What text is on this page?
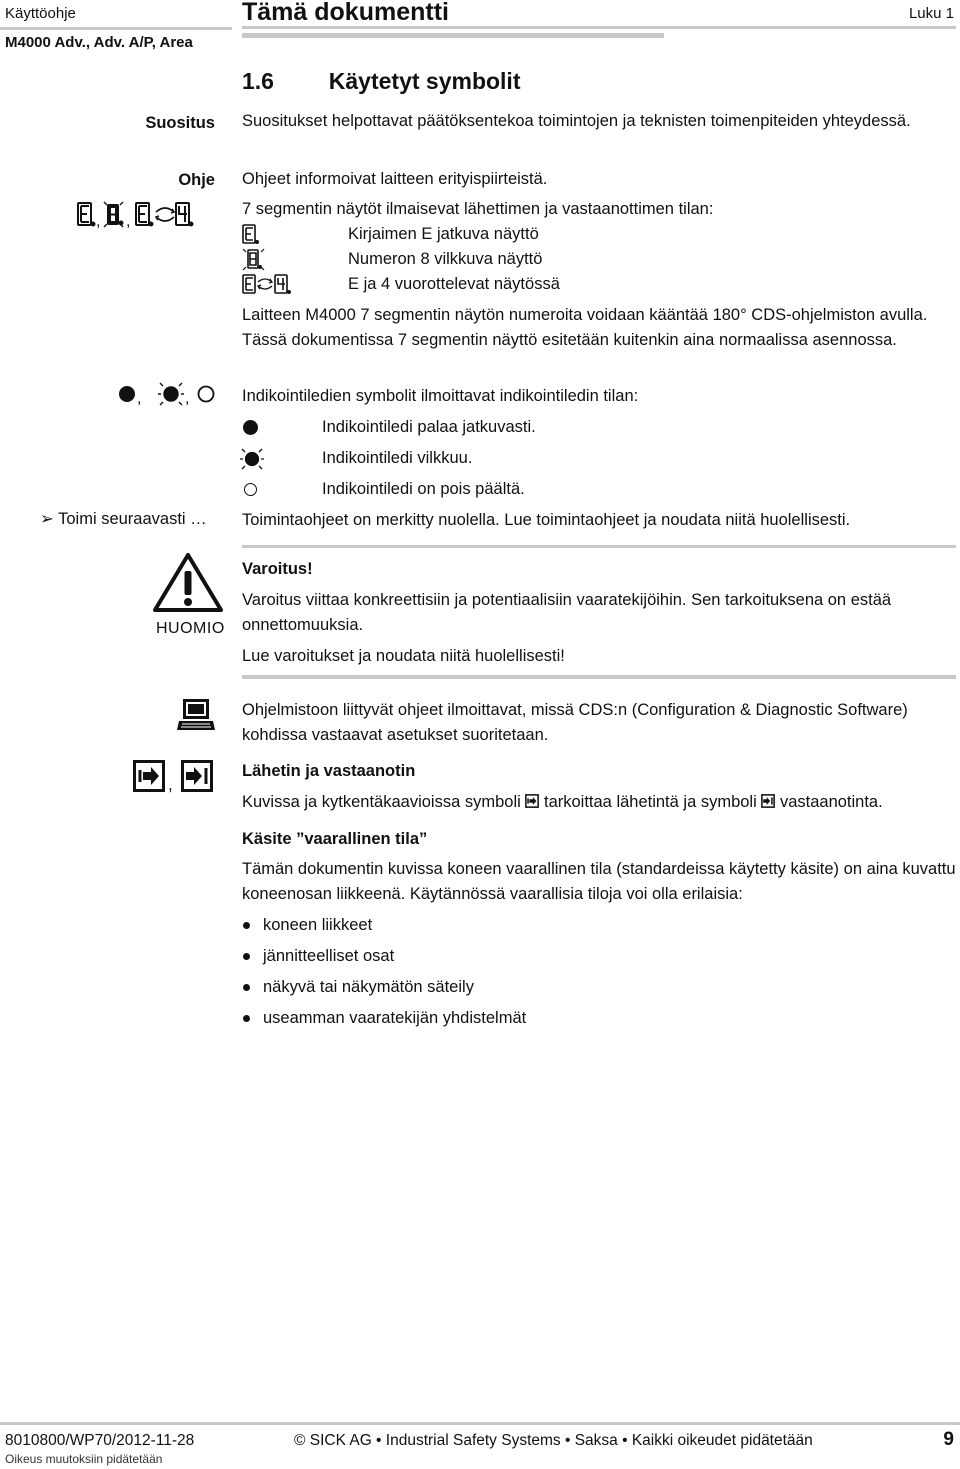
Käyttöohje
M4000 Adv., Adv. A/P, Area
Tämä dokumentti	Luku 1
1.6 Käytetyt symbolit
Suositus Suositukset helpottavat päätöksentekoa toimintojen ja teknisten toimenpiteiden yhteydessä.
Ohje Ohjeet informoivat laitteen erityispiirteistä.
, ,
7 segmentin näytöt ilmaisevat lähettimen ja vastaanottimen tilan:
Kirjaimen E jatkuva näyttö
Numeron 8 vilkkuva näyttö
E ja 4 vuorottelevat näytössä
Laitteen M4000 7 segmentin näytön numeroita voidaan kääntää 180° CDS-ohjelmiston avulla. Tässä dokumentissa 7 segmentin näyttö esitetään kuitenkin aina normaalissa asennossa.
,	,	Indikointiledien symbolit ilmoittavat indikointiledin tilan:
Indikointiledi palaa jatkuvasti.
Indikointiledi vilkkuu.
Indikointiledi on pois päältä.
➢ Toimi seuraavasti … Toimintaohjeet on merkitty nuolella. Lue toimintaohjeet ja noudata niitä huolellisesti.
HUOMIO
Varoitus!
Varoitus viittaa konkreettisiin ja potentiaalisiin vaaratekijöihin. Sen tarkoituksena on estää onnettomuuksia.
Lue varoitukset ja noudata niitä huolellisesti!
Ohjelmistoon liittyvät ohjeet ilmoittavat, missä CDS:n (Configuration & Diagnostic Software) kohdissa vastaavat asetukset suoritetaan.
,
Lähetin ja vastaanotin
Kuvissa ja kytkentäkaavioissa symboli tarkoittaa lähetintä ja symboli vastaanotinta.
Käsite ”vaarallinen tila”
Tämän dokumentin kuvissa koneen vaarallinen tila (standardeissa käytetty käsite) on aina kuvattu koneenosan liikkeenä. Käytännössä vaarallisia tiloja voi olla erilaisia:
koneen liikkeet
jännitteelliset osat
näkyvä tai näkymätön säteily
useamman vaaratekijän yhdistelmät
8010800/WP70/2012-11-28
Oikeus muutoksiin pidätetään
© SICK AG • Industrial Safety Systems • Saksa • Kaikki oikeudet pidätetään	9
